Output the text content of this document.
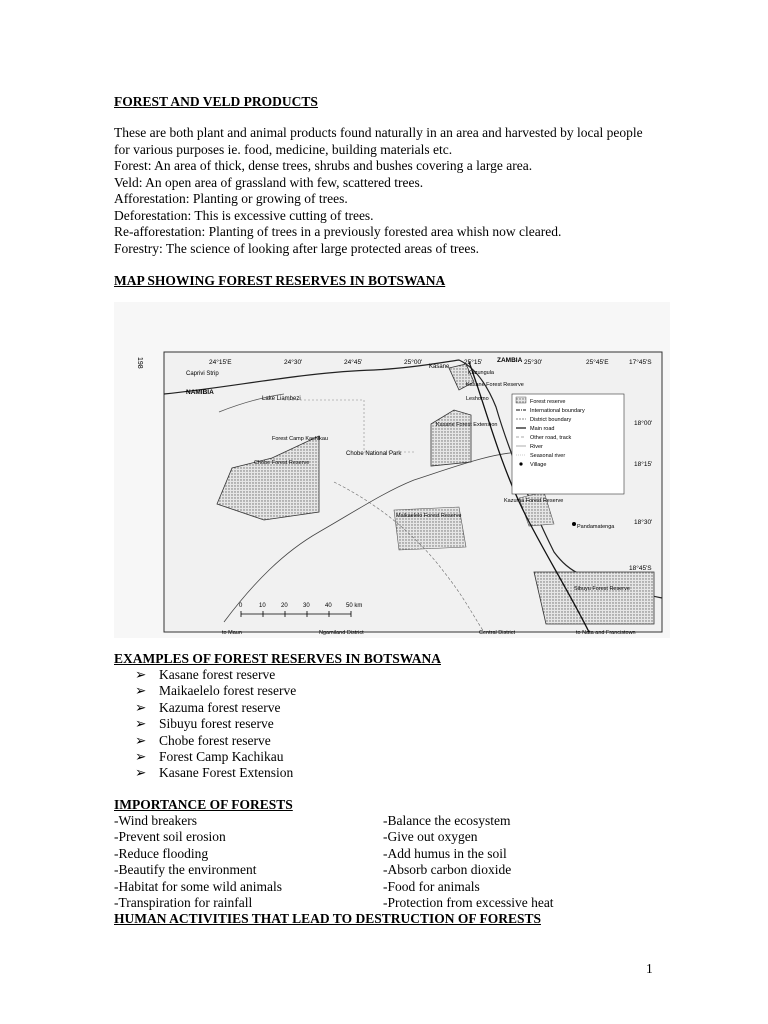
FOREST AND VELD PRODUCTS
These are both plant and animal products found naturally in an area and harvested by local people
for various purposes ie. food, medicine, building materials etc.
Forest: An area of thick, dense trees, shrubs and bushes covering a large area.
Veld: An open area of grassland with few, scattered trees.
Afforestation: Planting or growing of trees.
Deforestation: This is excessive cutting of trees.
Re-afforestation: Planting of trees in a previously forested area whish now cleared.
Forestry: The science of looking after large protected areas of trees.
MAP SHOWING FOREST RESERVES IN BOTSWANA
24°15'E	24°30'	24°45'	25°00'	25°15'	25°30'	25°45'E	17°45'S
18°00'
18°15'
18°30'
18°45'S
198
Caprivi Strip
NAMIBIA
Lake Liambezi
ZAMBIA
Kasane
Kazungula
Kasane Forest Reserve
Leshomo
Kasane Forest Extension
Chobe National Park
Forest Camp Kachikau
Chobe Forest Reserve
Maikaelelo Forest Reserve
Kazuma Forest Reserve
Pandamatenga
Sibuyu Forest Reserve
Forest reserve
International boundary
District boundary
Main road
Other road, track
River
Seasonal river
Village
0	10	20	30	40 50 km
to Maun	Ngamiland District	Central District	to Nata and Francistown
EXAMPLES OF FOREST RESERVES IN BOTSWANA
➢ Kasane forest reserve
➢ Maikaelelo forest reserve
➢ Kazuma forest reserve
➢ Sibuyu forest reserve
➢ Chobe forest reserve
➢ Forest Camp Kachikau
➢ Kasane Forest Extension
IMPORTANCE OF FORESTS
-Wind breakers
-Prevent soil erosion
-Reduce flooding
-Beautify the environment
-Habitat for some wild animals
-Transpiration for rainfall
-Balance the ecosystem
-Give out oxygen
-Add humus in the soil
-Absorb carbon dioxide
-Food for animals
-Protection from excessive heat
HUMAN ACTIVITIES THAT LEAD TO DESTRUCTION OF FORESTS
1
